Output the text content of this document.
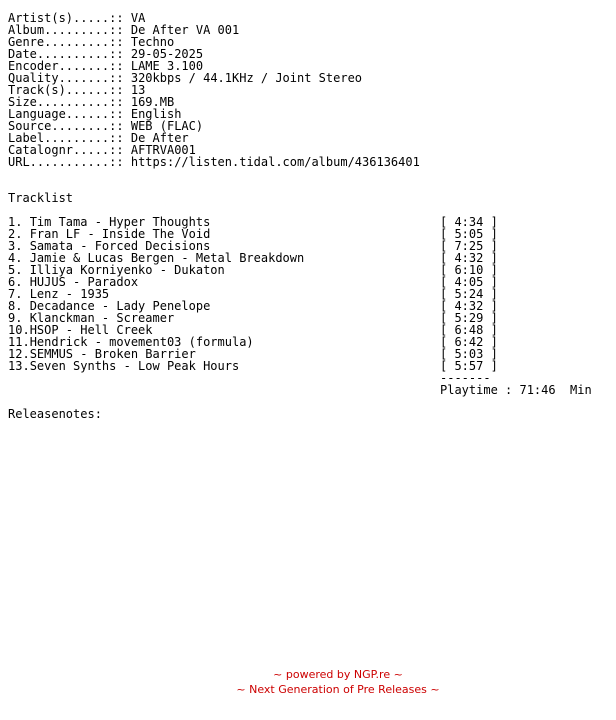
Artist(s).....:: VA
Album.........:: De After VA 001
Genre.........:: Techno
Date..........:: 29-05-2025
Encoder.......:: LAME 3.100
Quality.......:: 320kbps / 44.1KHz / Joint Stereo
Track(s)......:: 13
Size..........:: 169.MB
Language......:: English
Source........:: WEB (FLAC)
Label.........:: De After
Catalognr.....:: AFTRVA001
URL...........:: https://listen.tidal.com/album/436136401
Tracklist
1. Tim Tama - Hyper Thoughts	[ 4:34 ]
2. Fran LF - Inside The Void	[ 5:05 ]
3. Samata - Forced Decisions	[ 7:25 ]
4. Jamie & Lucas Bergen - Metal Breakdown	[ 4:32 ]
5. Illiya Korniyenko - Dukaton	[ 6:10 ]
6. HUJUS - Paradox	[ 4:05 ]
7. Lenz - 1935	[ 5:24 ]
8. Decadance - Lady Penelope	[ 4:32 ]
9. Klanckman - Screamer	[ 5:29 ]
10.HSOP - Hell Creek	[ 6:48 ]
11.Hendrick - movement03 (formula)	[ 6:42 ]
12.SEMMUS - Broken Barrier	[ 5:03 ]
13.Seven Synths - Low Peak Hours	[ 5:57 ]

-------

Playtime : 71:46  Min

Releasenotes:
~ powered by NGP.re ~
~ Next Generation of Pre Releases ~
